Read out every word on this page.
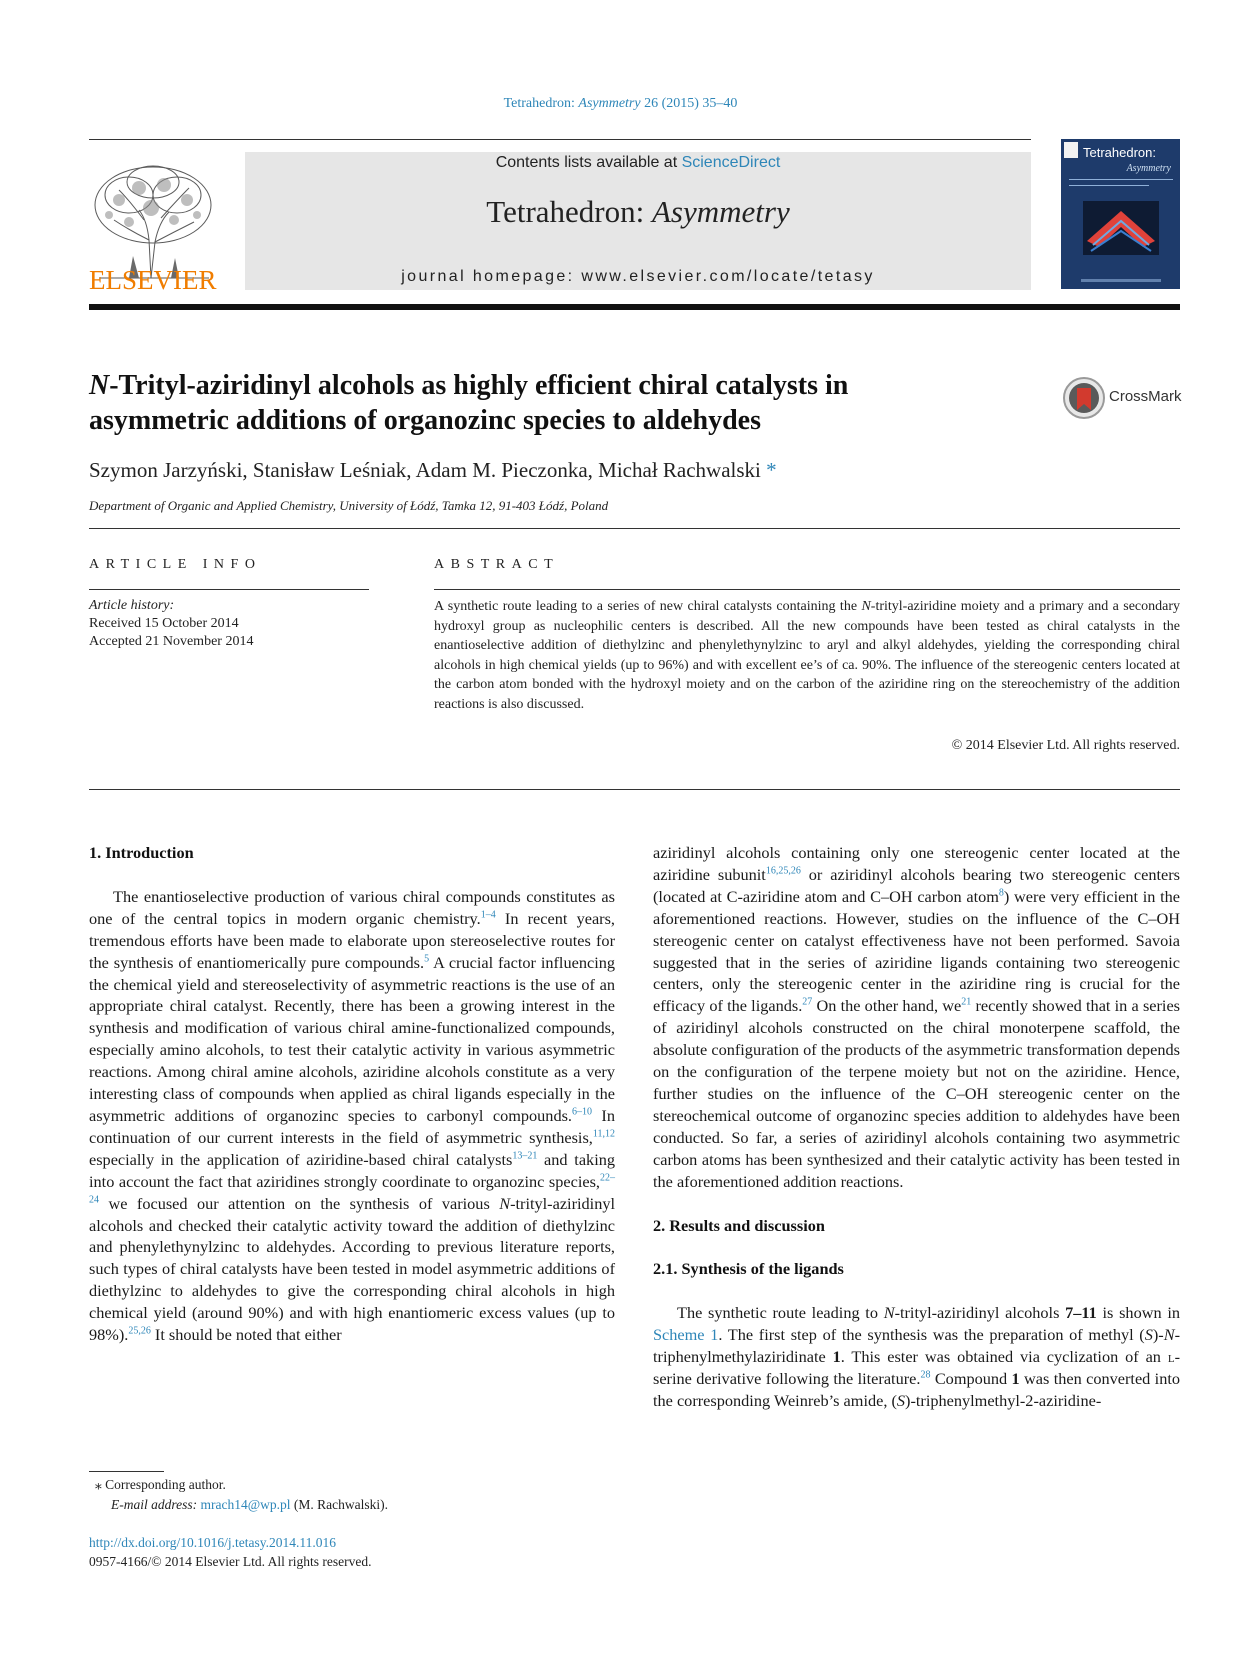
Tetrahedron: Asymmetry 26 (2015) 35–40
ELSEVIER
Contents lists available at ScienceDirect
Tetrahedron: Asymmetry
journal homepage: www.elsevier.com/locate/tetasy
Tetrahedron:
Asymmetry
N-Trityl-aziridinyl alcohols as highly efficient chiral catalysts in asymmetric additions of organozinc species to aldehydes
CrossMark
Szymon Jarzyński, Stanisław Leśniak, Adam M. Pieczonka, Michał Rachwalski *
Department of Organic and Applied Chemistry, University of Łódź, Tamka 12, 91-403 Łódź, Poland
ARTICLE INFO	ABSTRACT
Article history:
Received 15 October 2014
Accepted 21 November 2014
A synthetic route leading to a series of new chiral catalysts containing the N-trityl-aziridine moiety and a primary and a secondary hydroxyl group as nucleophilic centers is described. All the new compounds have been tested as chiral catalysts in the enantioselective addition of diethylzinc and phenylethynylzinc to aryl and alkyl aldehydes, yielding the corresponding chiral alcohols in high chemical yields (up to 96%) and with excellent ee’s of ca. 90%. The influence of the stereogenic centers located at the carbon atom bonded with the hydroxyl moiety and on the carbon of the aziridine ring on the stereochemistry of the addition reactions is also discussed.
© 2014 Elsevier Ltd. All rights reserved.
1. Introduction

The enantioselective production of various chiral compounds constitutes as one of the central topics in modern organic chemistry.$^{1-4}$ In recent years, tremendous efforts have been made to elaborate upon stereoselective routes for the synthesis of enantiomerically pure compounds.$^5$ A crucial factor influencing the chemical yield and stereoselectivity of asymmetric reactions is the use of an appropriate chiral catalyst. Recently, there has been a growing interest in the synthesis and modification of various chiral amine-functionalized compounds, especially amino alcohols, to test their catalytic activity in various asymmetric reactions. Among chiral amine alcohols, aziridine alcohols constitute as a very interesting class of compounds when applied as chiral ligands especially in the asymmetric additions of organozinc species to carbonyl compounds.$^{6-10}$ In continuation of our current interests in the field of asymmetric synthesis,$^{11,12}$ especially in the application of aziridine-based chiral catalysts$^{13-21}$ and taking into account the fact that aziridines strongly coordinate to organozinc species,$^{22-24}$ we focused our attention on the synthesis of various N-trityl-aziridinyl alcohols and checked their catalytic activity toward the addition of diethylzinc and phenylethynylzinc to aldehydes. According to previous literature reports, such types of chiral catalysts have been tested in model asymmetric additions of diethylzinc to aldehydes to give the corresponding chiral alcohols in high chemical yield (around 90%) and with high enantiomeric excess values (up to 98%).$^{25,26}$ It should be noted that either

aziridinyl alcohols containing only one stereogenic center located at the aziridine subunit$^{16,25,26}$ or aziridinyl alcohols bearing two stereogenic centers (located at C-aziridine atom and C–OH carbon atom$^8$) were very efficient in the aforementioned reactions. However, studies on the influence of the C–OH stereogenic center on catalyst effectiveness have not been performed. Savoia suggested that in the series of aziridine ligands containing two stereogenic centers, only the stereogenic center in the aziridine ring is crucial for the efficacy of the ligands.$^{27}$ On the other hand, $we^{21}$ recently showed that in a series of aziridinyl alcohols constructed on the chiral monoterpene scaffold, the absolute configuration of the products of the asymmetric transformation depends on the configuration of the terpene moiety but not on the aziridine. Hence, further studies on the influence of the C–OH stereogenic center on the stereochemical outcome of organozinc species addition to aldehydes have been conducted. So far, a series of aziridinyl alcohols containing two asymmetric carbon atoms has been synthesized and their catalytic activity has been tested in the aforementioned addition reactions.

2. Results and discussion
2.1. Synthesis of the ligands

The synthetic route leading to N-trityl-aziridinyl alcohols 7–11 is shown in Scheme 1. The first step of the synthesis was the preparation of methyl (S)-N-triphenylmethylaziridinate 1. This ester was obtained via cyclization of an l-serine derivative following the literature.$^{28}$ Compound 1 was then converted into the corresponding Weinreb’s amide, (S)-triphenylmethyl-2-aziridine-

⁎ Corresponding author.
E-mail address: mrach14@wp.pl (M. Rachwalski).
http://dx.doi.org/10.1016/j.tetasy.2014.11.016
0957-4166/© 2014 Elsevier Ltd. All rights reserved.
